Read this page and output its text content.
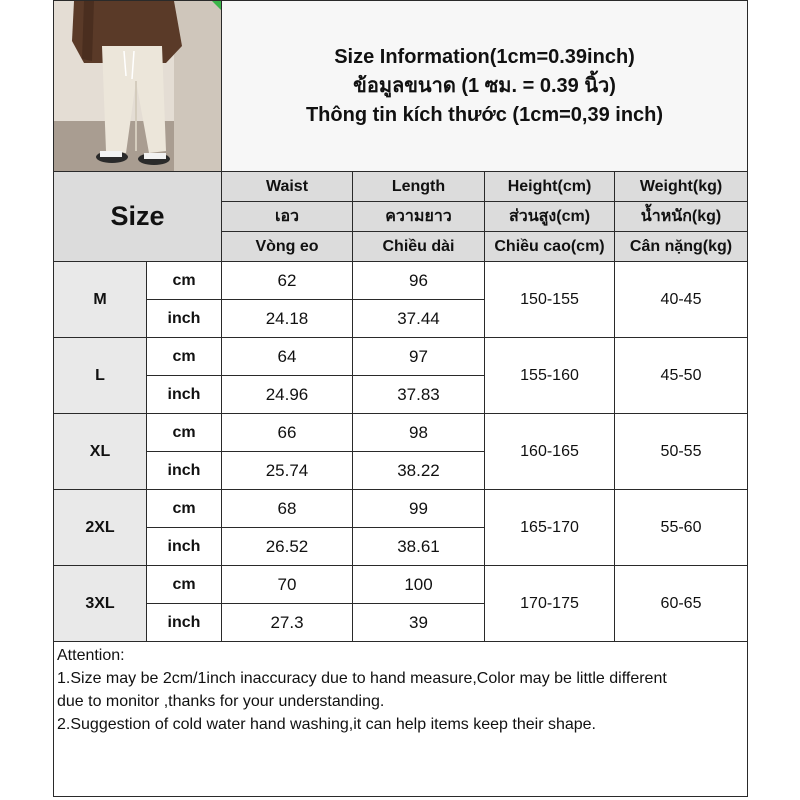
Size Information(1cm=0.39inch)
ข้อมูลขนาด (1 ซม. = 0.39 นิ้ว)
Thông tin kích thước (1cm=0,39 inch)			

Size		Waist	Length	Height(cm)	Weight(kg)
		เอว	ความยาว	ส่วนสูง(cm)	น้ำหนัก(kg)
		Vòng eo	Chiều dài	Chiều cao(cm)	Cân nặng(kg)
M	cm	62	96	150-155	40-45
	inch	24.18	37.44		
L	cm	64	97	155-160	45-50
	inch	24.96	37.83		
XL	cm	66	98	160-165	50-55
	inch	25.74	38.22		
2XL	cm	68	99	165-170	55-60
	inch	26.52	38.61		
3XL	cm	70	100	170-175	60-65
	inch	27.3	39		

Attention:
1.Size may be 2cm/1inch inaccuracy due to hand measure,Color may be little different
due to monitor ,thanks for your understanding.
2.Suggestion of cold water hand washing,it can help items keep their shape.					
